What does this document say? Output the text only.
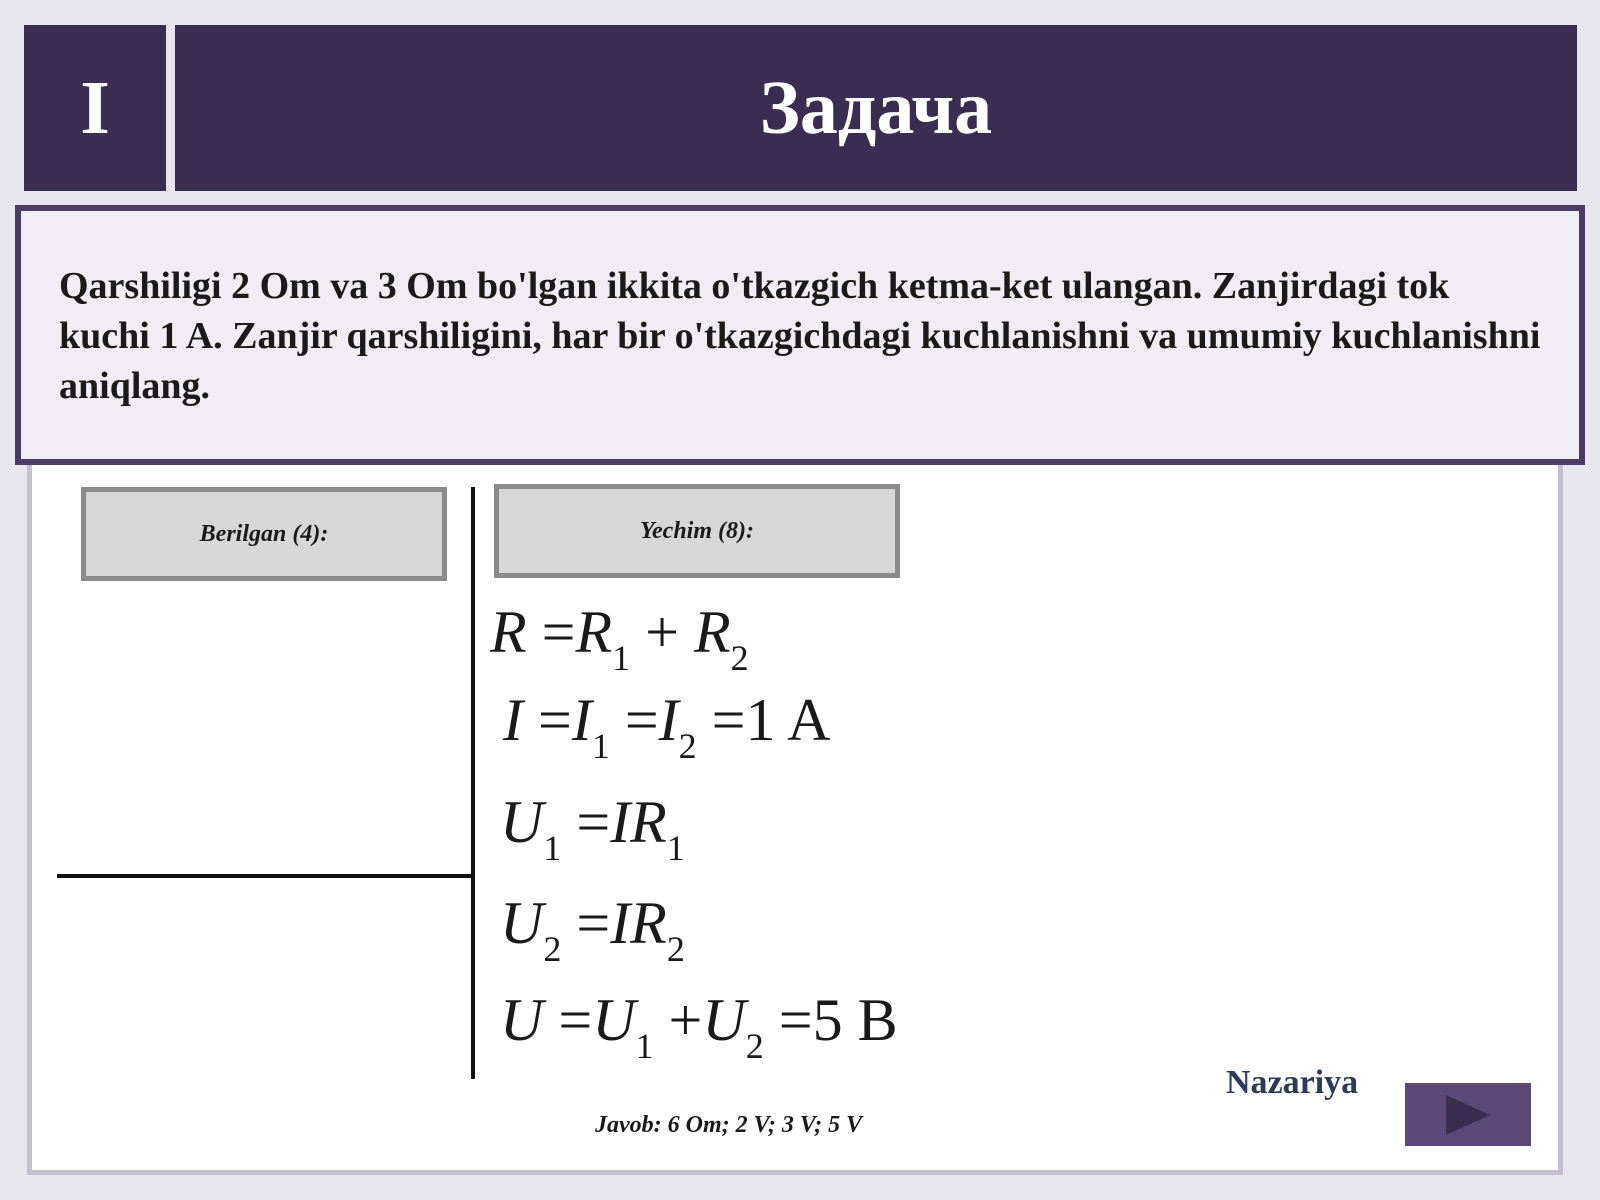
I	Задача

Qarshiligi 2 Om va 3 Om bo'lgan ikkita o'tkazgich ketma-ket ulangan. Zanjirdagi tok kuchi 1 A. Zanjir qarshiligini, har bir o'tkazgichdagi kuchlanishni va umumiy kuchlanishni aniqlang.

Berilgan (4):	Yechim (8):
$R =R_1 + R_2$
$I =I_1 =I_2 =1$ A
$U_1 =IR_1$
$U_2 =IR_2$
$U =U_1 +U_2 =5$ B
Javob: 6 Om; 2 V; 3 V; 5 V
Nazariya
